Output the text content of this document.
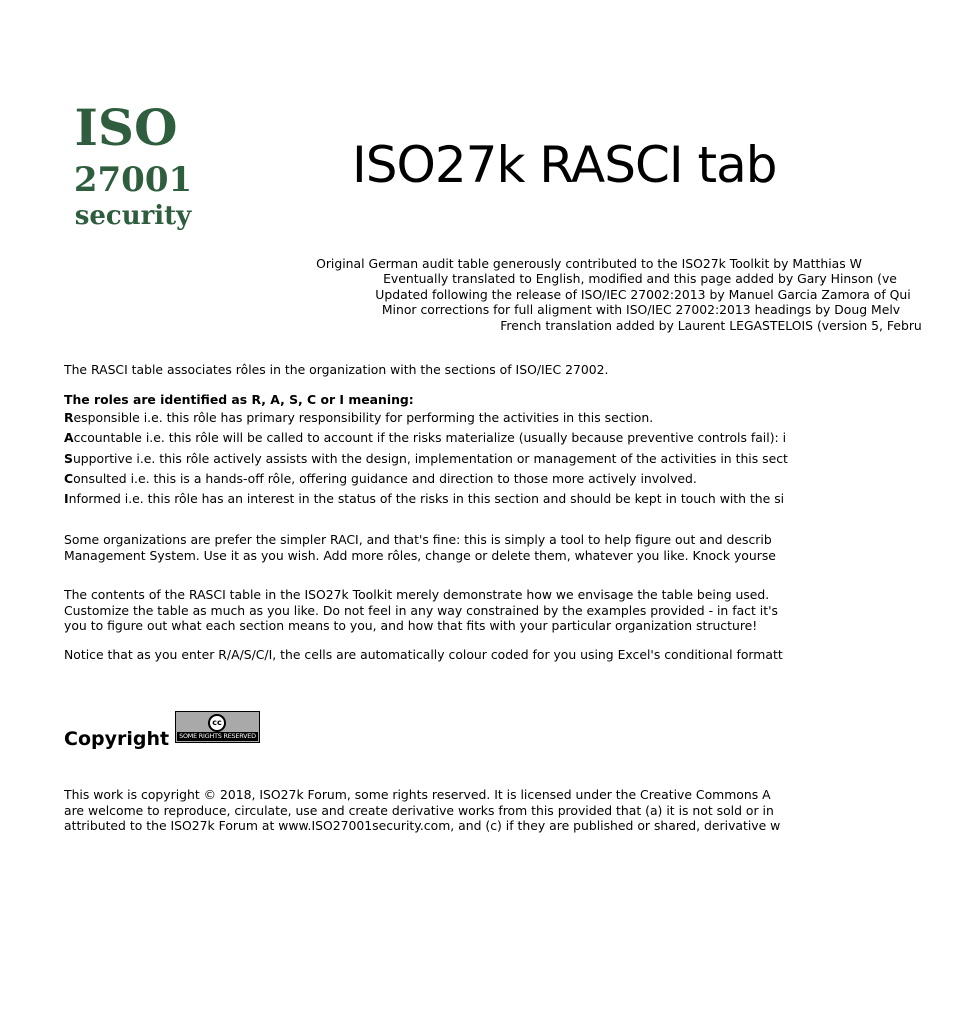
ISO
27001
security
ISO27k RASCI tab
Original German audit table generously contributed to the ISO27k Toolkit by Matthias W
Eventually translated to English, modified and this page added by Gary Hinson (ve
Updated following the release of ISO/IEC 27002:2013 by Manuel Garcia Zamora of Qui
Minor corrections for full aligment with ISO/IEC 27002:2013 headings by Doug Melv
French translation added by Laurent LEGASTELOIS (version 5, Febru
The RASCI table associates rôles in the organization with the sections of ISO/IEC 27002.
The roles are identified as R, A, S, C or I meaning:
Responsible i.e. this rôle has primary responsibility for performing the activities in this section.
Accountable i.e. this rôle will be called to account if the risks materialize (usually because preventive controls fail): i
Supportive i.e. this rôle actively assists with the design, implementation or management of the activities in this sect
Consulted i.e. this is a hands-off rôle, offering guidance and direction to those more actively involved.
Informed i.e. this rôle has an interest in the status of the risks in this section and should be kept in touch with the si
Some organizations are prefer the simpler RACI, and that's fine: this is simply a tool to help figure out and describ
Management System. Use it as you wish. Add more rôles, change or delete them, whatever you like. Knock yourse
The contents of the RASCI table in the ISO27k Toolkit merely demonstrate how we envisage the table being used.
Customize the table as much as you like. Do not feel in any way constrained by the examples provided - in fact it's
you to figure out what each section means to you, and how that fits with your particular organization structure!
Notice that as you enter R/A/S/C/I, the cells are automatically colour coded for you using Excel's conditional formatt
Copyright
cc
SOME RIGHTS RESERVED
This work is copyright © 2018, ISO27k Forum, some rights reserved. It is licensed under the Creative Commons A
are welcome to reproduce, circulate, use and create derivative works from this provided that (a) it is not sold or in
attributed to the ISO27k Forum at www.ISO27001security.com, and (c) if they are published or shared, derivative w
